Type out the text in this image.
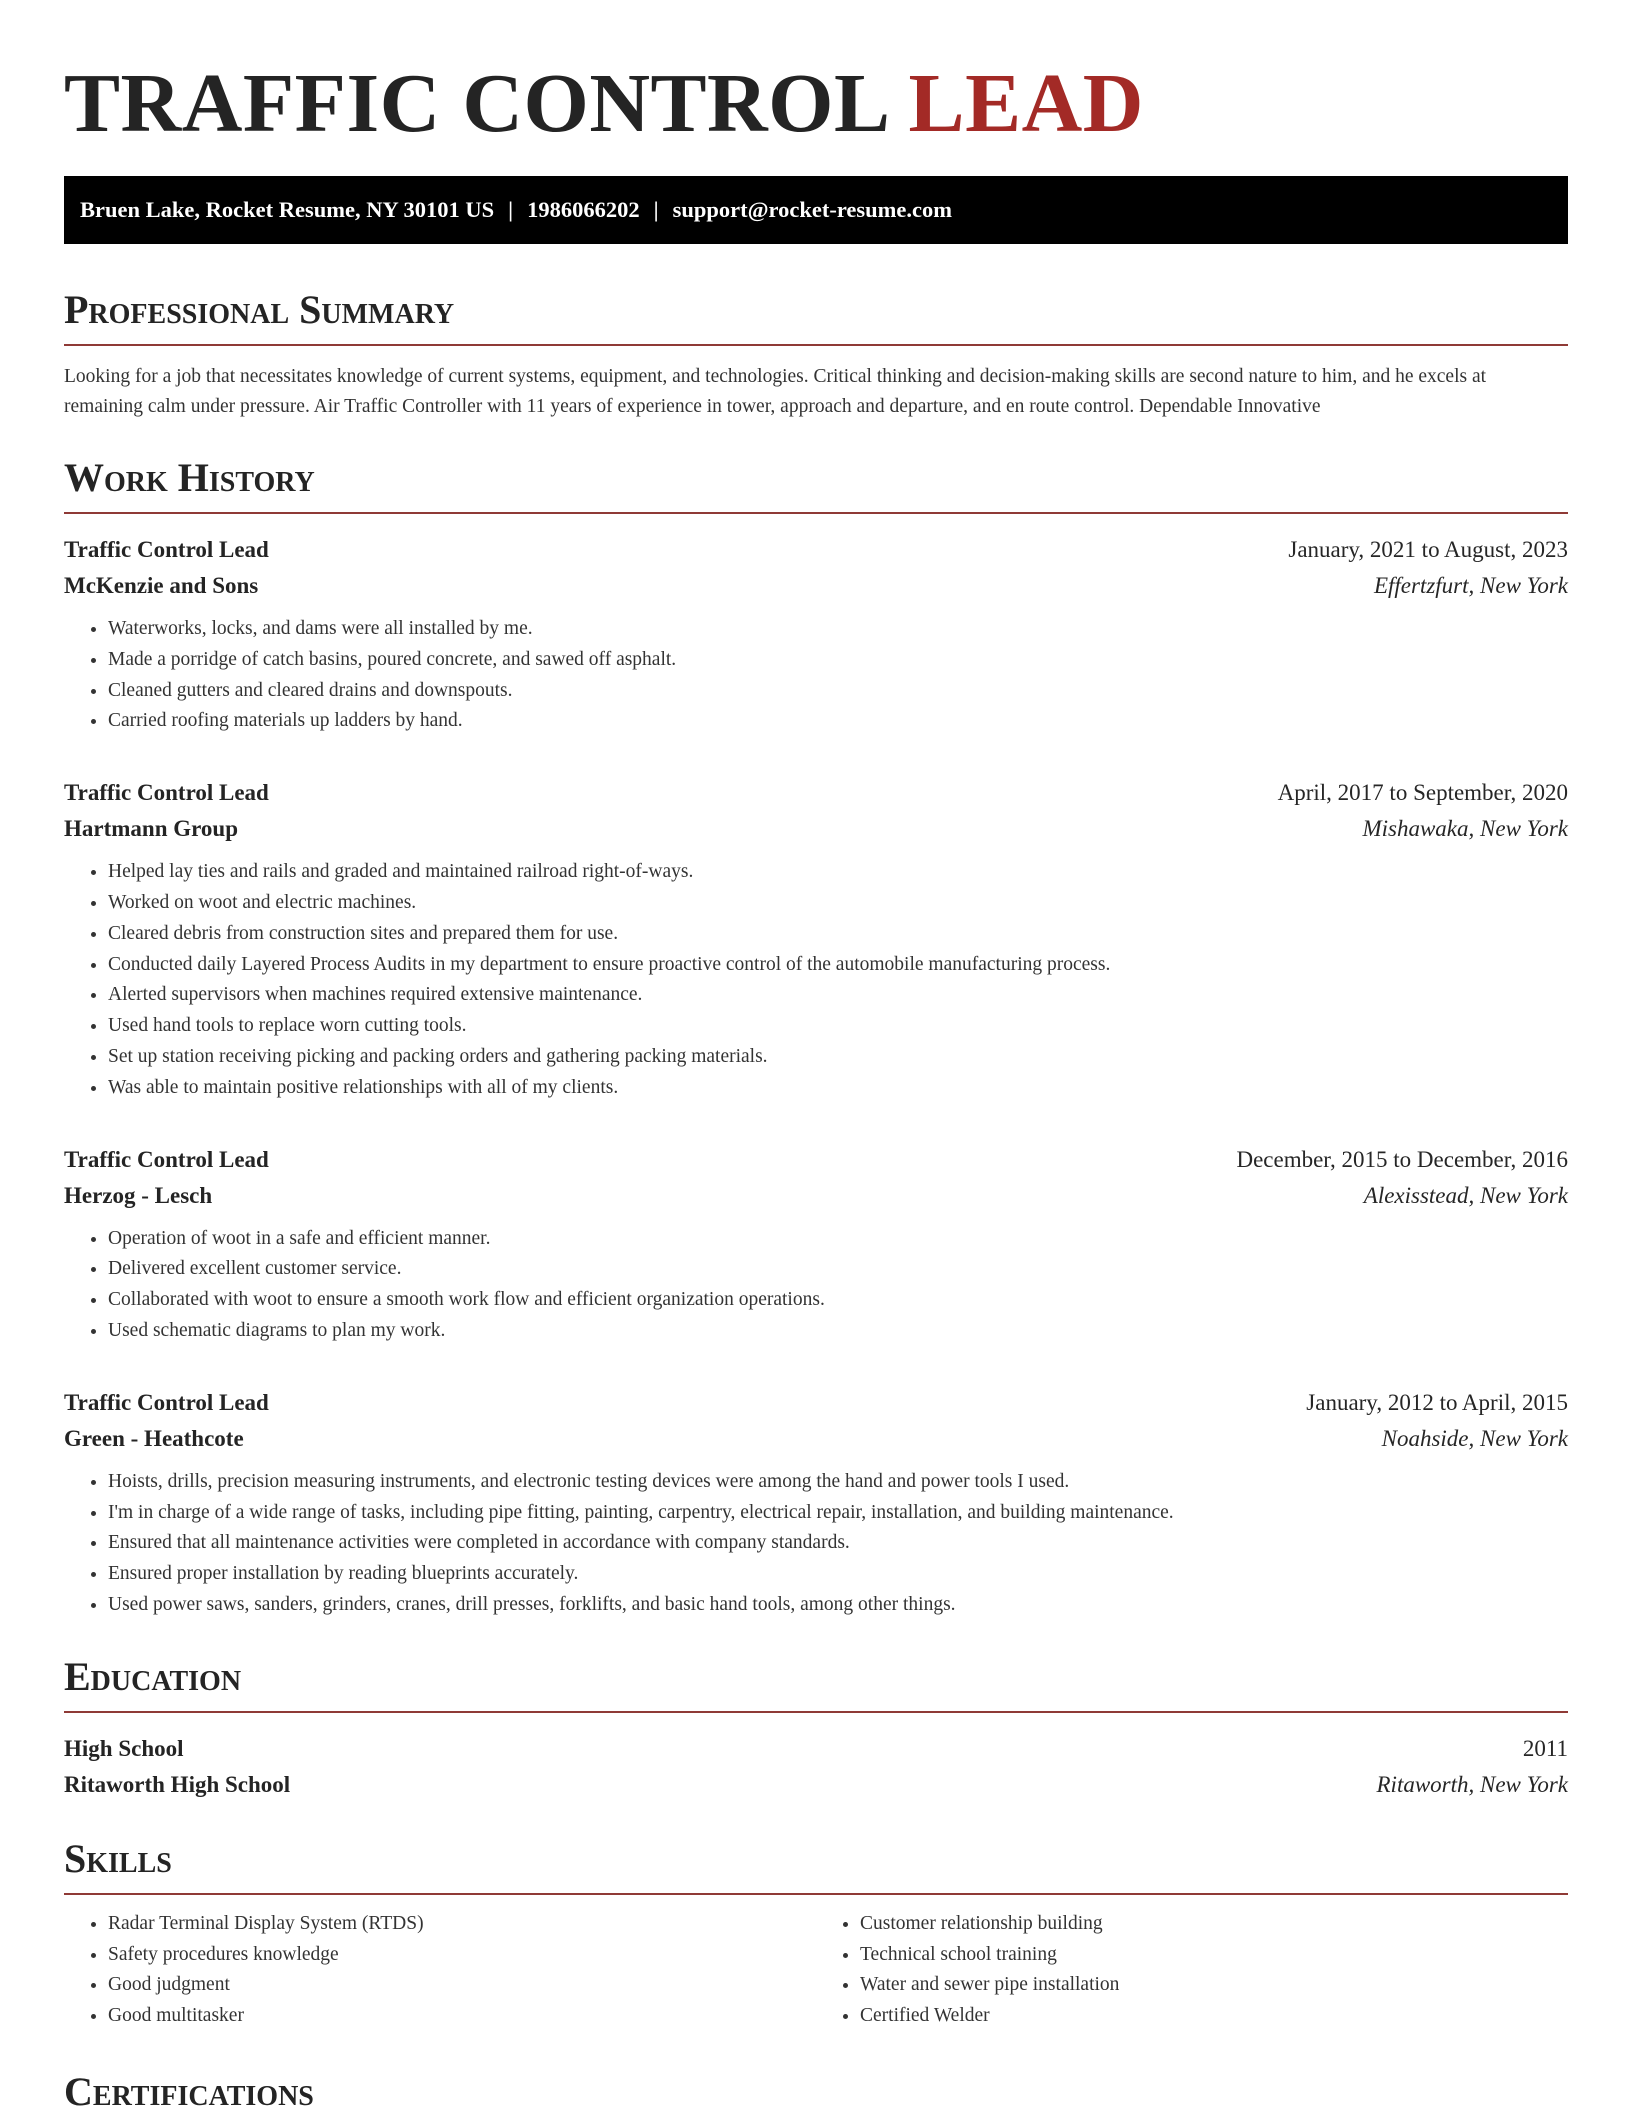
TRAFFIC CONTROL LEAD
Bruen Lake, Rocket Resume, NY 30101 US | 1986066202 | support@rocket-resume.com
Professional Summary

Looking for a job that necessitates knowledge of current systems, equipment, and technologies. Critical thinking and decision-making skills are second nature to him, and he excels at remaining calm under pressure. Air Traffic Controller with 11 years of experience in tower, approach and departure, and en route control. Dependable Innovative

Work History
Traffic Control Lead	January, 2021 to August, 2023
McKenzie and Sons	Effertzfurt, New York
• Waterworks, locks, and dams were all installed by me.
• Made a porridge of catch basins, poured concrete, and sawed off asphalt.
• Cleaned gutters and cleared drains and downspouts.
• Carried roofing materials up ladders by hand.
Traffic Control Lead	April, 2017 to September, 2020
Hartmann Group	Mishawaka, New York
• Helped lay ties and rails and graded and maintained railroad right-of-ways.
• Worked on woot and electric machines.
• Cleared debris from construction sites and prepared them for use.
• Conducted daily Layered Process Audits in my department to ensure proactive control of the automobile manufacturing process.
• Alerted supervisors when machines required extensive maintenance.
• Used hand tools to replace worn cutting tools.
• Set up station receiving picking and packing orders and gathering packing materials.
• Was able to maintain positive relationships with all of my clients.
Traffic Control Lead	December, 2015 to December, 2016
Herzog - Lesch	Alexisstead, New York
• Operation of woot in a safe and efficient manner.
• Delivered excellent customer service.
• Collaborated with woot to ensure a smooth work flow and efficient organization operations.
• Used schematic diagrams to plan my work.
Traffic Control Lead	January, 2012 to April, 2015
Green - Heathcote	Noahside, New York
• Hoists, drills, precision measuring instruments, and electronic testing devices were among the hand and power tools I used.
• I'm in charge of a wide range of tasks, including pipe fitting, painting, carpentry, electrical repair, installation, and building maintenance.
• Ensured that all maintenance activities were completed in accordance with company standards.
• Ensured proper installation by reading blueprints accurately.
• Used power saws, sanders, grinders, cranes, drill presses, forklifts, and basic hand tools, among other things.
Education
High School	2011
Ritaworth High School	Ritaworth, New York
Skills
• Radar Terminal Display System (RTDS)
• Safety procedures knowledge
• Good judgment
• Good multitasker
• Customer relationship building
• Technical school training
• Water and sewer pipe installation
• Certified Welder
Certifications
